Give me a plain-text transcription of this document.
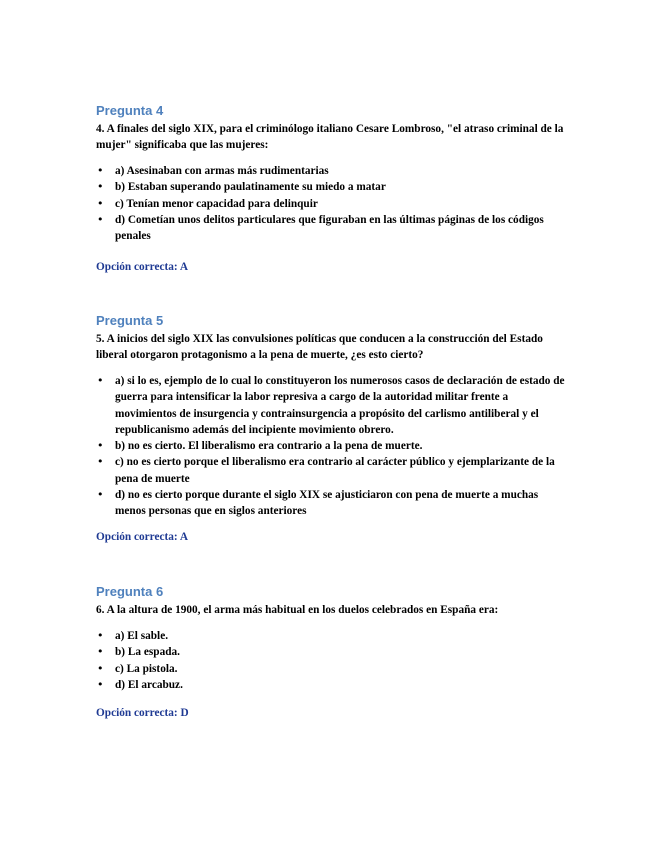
Pregunta 4

4. A finales del siglo XIX, para el criminólogo italiano Cesare Lombroso, "el atraso criminal de la mujer" significaba que las mujeres:

• a) Asesinaban con armas más rudimentarias
• b) Estaban superando paulatinamente su miedo a matar
• c) Tenían menor capacidad para delinquir
• d) Cometían unos delitos particulares que figuraban en las últimas páginas de los códigos penales

Opción correcta: A

Pregunta 5

5. A inicios del siglo XIX las convulsiones políticas que conducen a la construcción del Estado liberal otorgaron protagonismo a la pena de muerte, ¿es esto cierto?

• a) si lo es, ejemplo de lo cual lo constituyeron los numerosos casos de declaración de estado de guerra para intensificar la labor represiva a cargo de la autoridad militar frente a movimientos de insurgencia y contrainsurgencia a propósito del carlismo antiliberal y el republicanismo además del incipiente movimiento obrero.
• b) no es cierto. El liberalismo era contrario a la pena de muerte.
• c) no es cierto porque el liberalismo era contrario al carácter público y ejemplarizante de la pena de muerte
• d) no es cierto porque durante el siglo XIX se ajusticiaron con pena de muerte a muchas menos personas que en siglos anteriores

Opción correcta: A

Pregunta 6

6. A la altura de 1900, el arma más habitual en los duelos celebrados en España era:

• a) El sable.
• b) La espada.
• c) La pistola.
• d) El arcabuz.

Opción correcta: D
